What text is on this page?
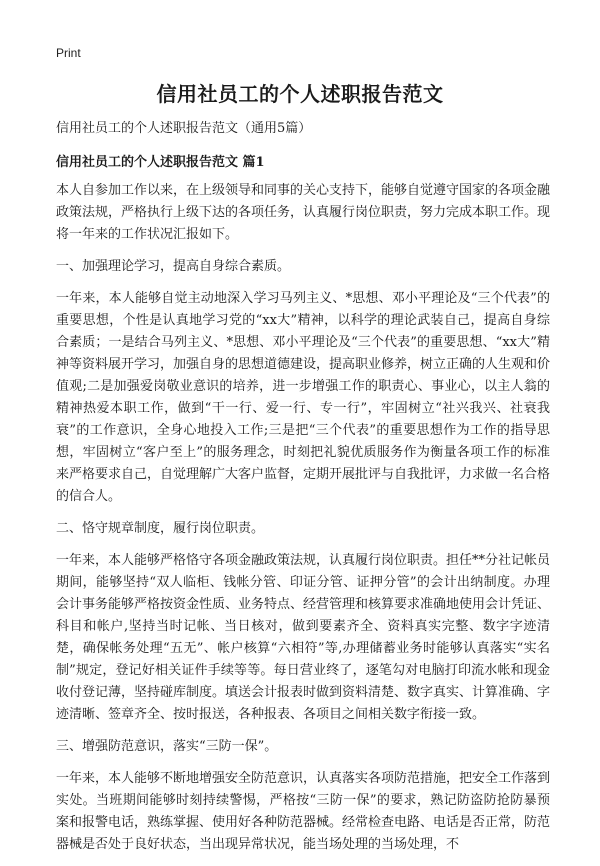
Print
信用社员工的个人述职报告范文

信用社员工的个人述职报告范文（通用5篇）

信用社员工的个人述职报告范文 篇1

本人自参加工作以来，在上级领导和同事的关心支持下，能够自觉遵守国家的各项金融政策法规，严格执行上级下达的各项任务，认真履行岗位职责，努力完成本职工作。现将一年来的工作状况汇报如下。

一、加强理论学习，提高自身综合素质。

一年来，本人能够自觉主动地深入学习马列主义、*思想、邓小平理论及“三个代表”的重要思想，个性是认真地学习党的“xx大”精神，以科学的理论武装自己，提高自身综合素质；一是结合马列主义、*思想、邓小平理论及“三个代表”的重要思想、“xx大”精神等资料展开学习，加强自身的思想道德建设，提高职业修养，树立正确的人生观和价值观;二是加强爱岗敬业意识的培养，进一步增强工作的职责心、事业心，以主人翁的精神热爱本职工作，做到“干一行、爱一行、专一行”，牢固树立“社兴我兴、社衰我衰”的工作意识，全身心地投入工作;三是把“三个代表”的重要思想作为工作的指导思想，牢固树立“客户至上”的服务理念，时刻把礼貌优质服务作为衡量各项工作的标准来严格要求自己，自觉理解广大客户监督，定期开展批评与自我批评，力求做一名合格的信合人。

二、恪守规章制度，履行岗位职责。

一年来，本人能够严格恪守各项金融政策法规，认真履行岗位职责。担任**分社记帐员期间，能够坚持“双人临柜、钱帐分管、印证分管、证押分管”的会计出纳制度。办理会计事务能够严格按资金性质、业务特点、经营管理和核算要求准确地使用会计凭证、科目和帐户,坚持当时记帐、当日核对，做到要素齐全、资料真实完整、数字字迹清楚，确保帐务处理“五无”、帐户核算“六相符”等,办理储蓄业务时能够认真落实“实名制”规定，登记好相关证件手续等等。每日营业终了，逐笔勾对电脑打印流水帐和现金收付登记薄，坚持碰库制度。填送会计报表时做到资料清楚、数字真实、计算准确、字迹清晰、签章齐全、按时报送，各种报表、各项目之间相关数字衔接一致。

三、增强防范意识，落实“三防一保”。

一年来，本人能够不断地增强安全防范意识，认真落实各项防范措施，把安全工作落到实处。当班期间能够时刻持续警惕，严格按“三防一保”的要求，熟记防盗防抢防暴预案和报警电话，熟练掌握、使用好各种防范器械。经常检查电路、电话是否正常，防范器械是否处于良好状态，当出现异常状况，能当场处理的当场处理，不
